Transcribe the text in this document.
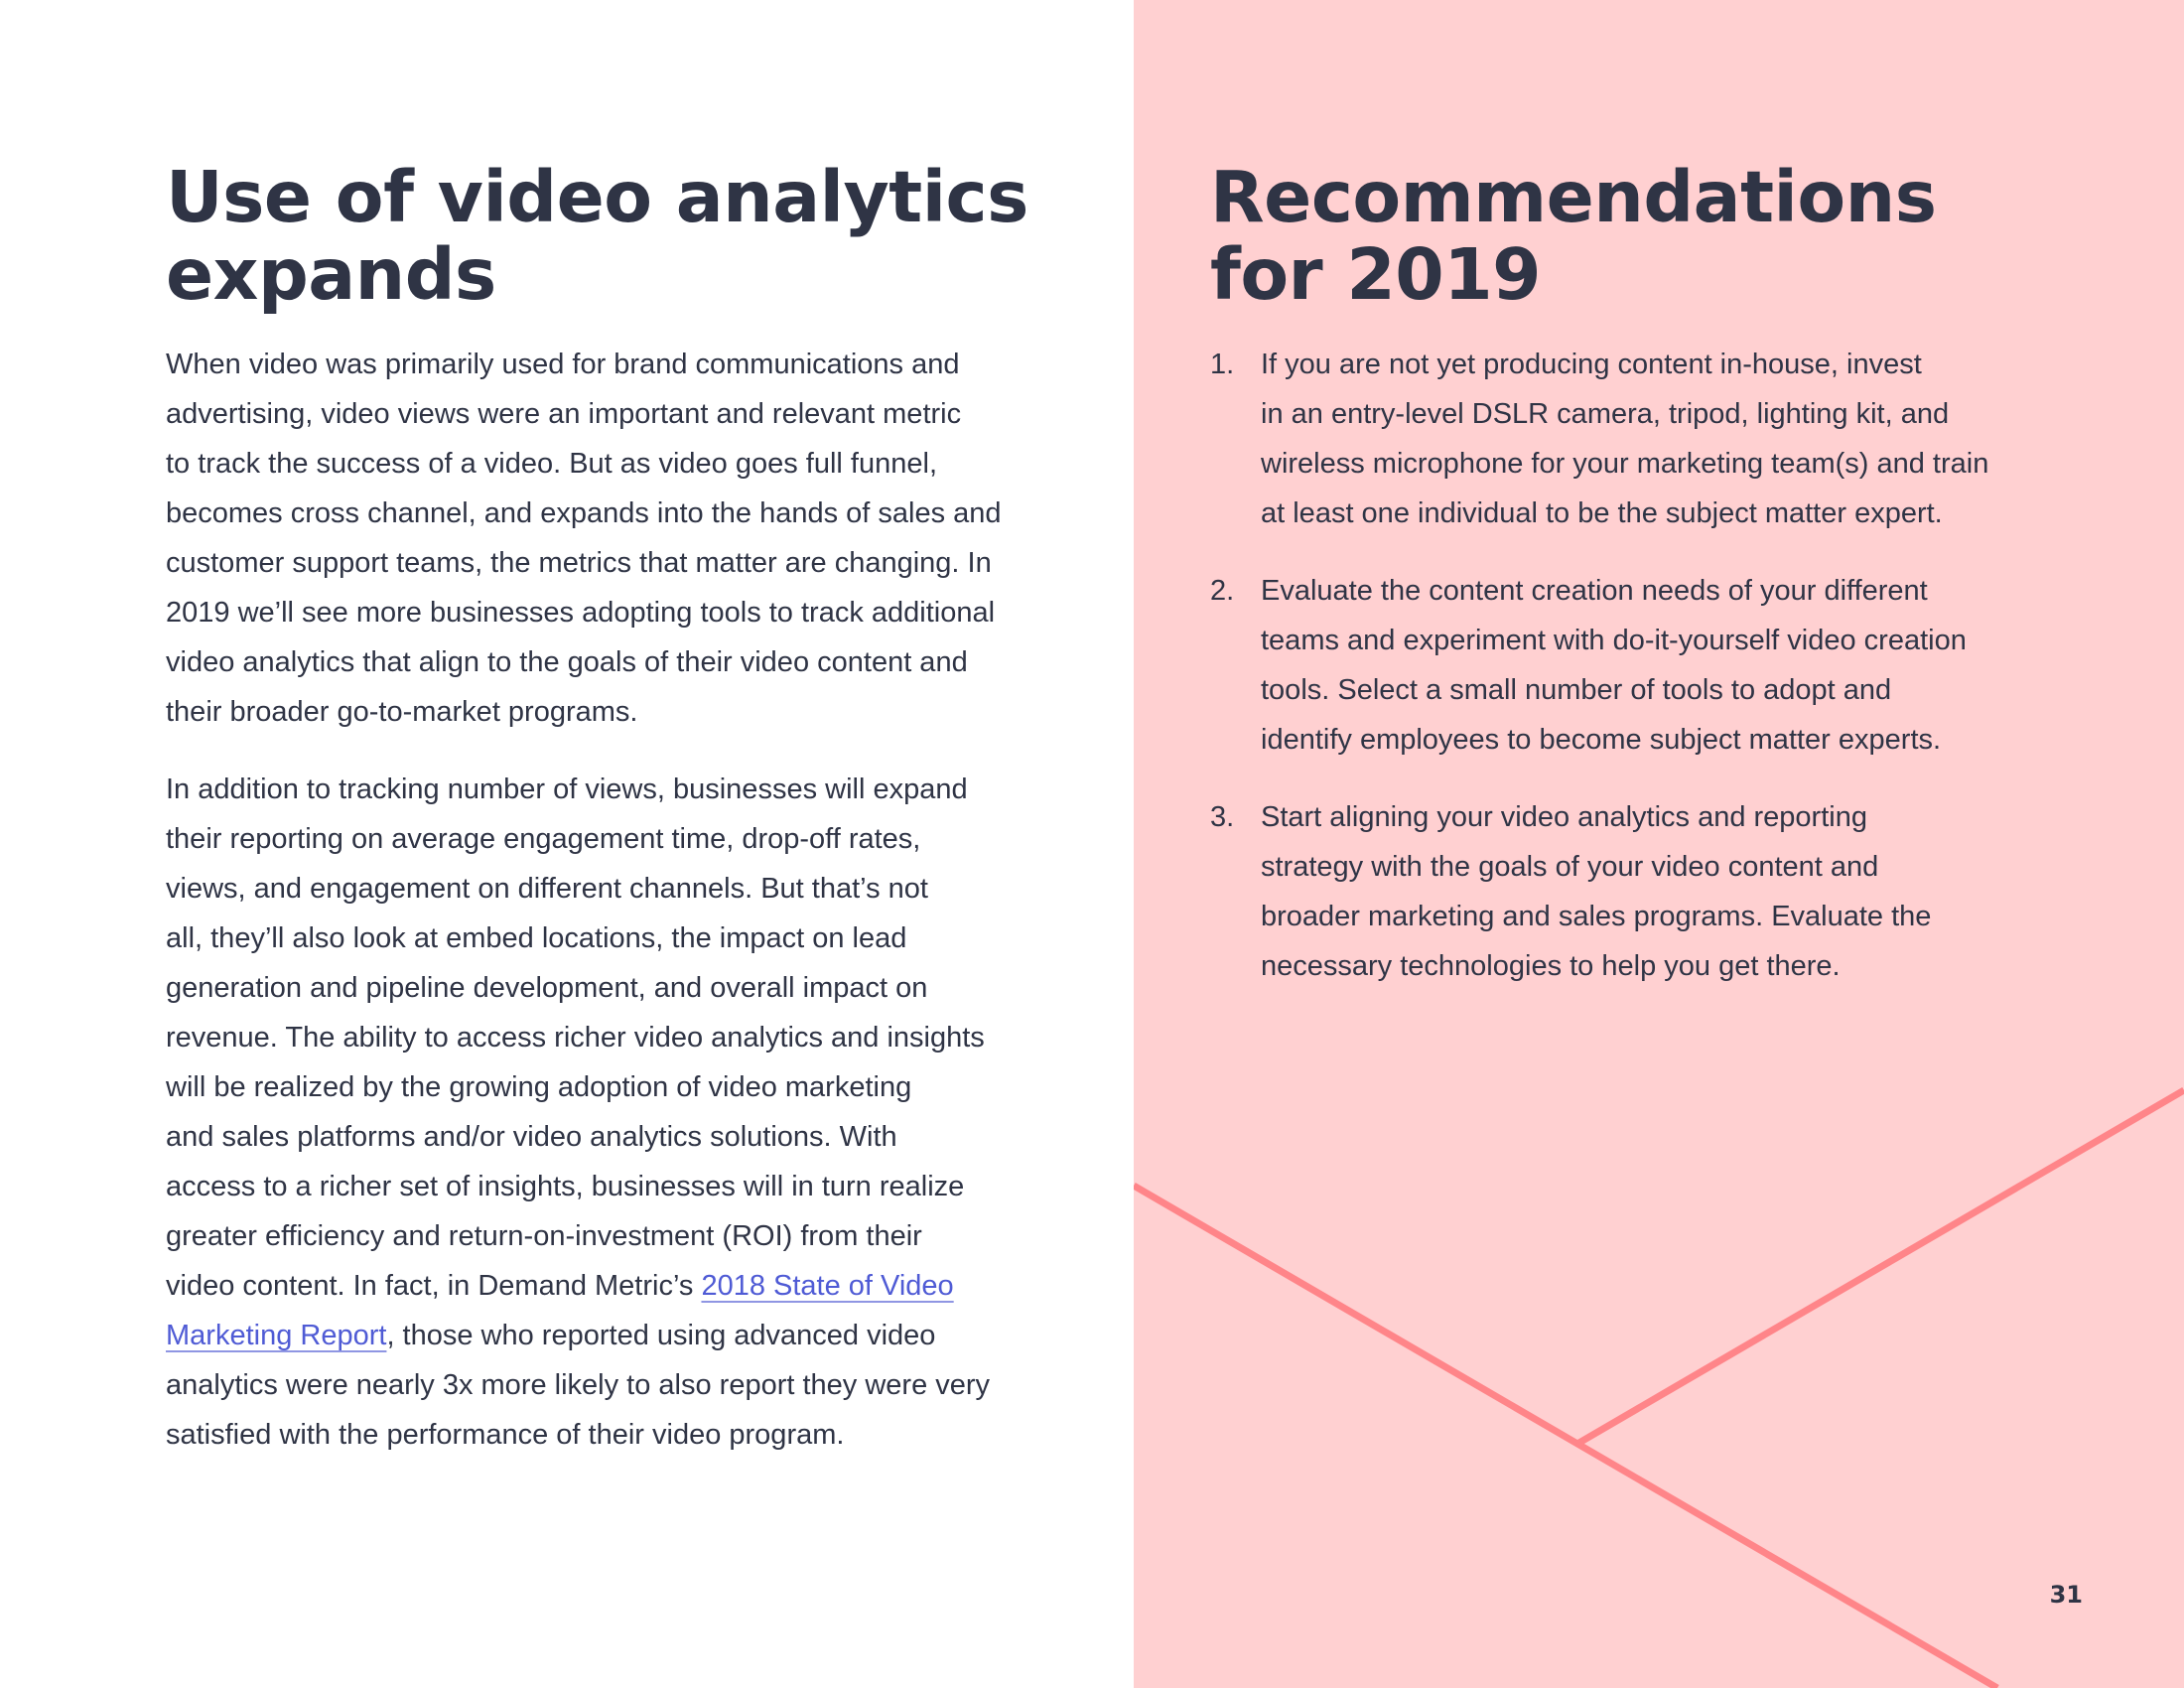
Use of video analytics
expands

When video was primarily used for brand communications and
advertising, video views were an important and relevant metric
to track the success of a video. But as video goes full funnel,
becomes cross channel, and expands into the hands of sales and
customer support teams, the metrics that matter are changing. In
2019 we’ll see more businesses adopting tools to track additional
video analytics that align to the goals of their video content and
their broader go-to-market programs.

In addition to tracking number of views, businesses will expand
their reporting on average engagement time, drop-off rates,
views, and engagement on different channels. But that’s not
all, they’ll also look at embed locations, the impact on lead
generation and pipeline development, and overall impact on
revenue. The ability to access richer video analytics and insights
will be realized by the growing adoption of video marketing
and sales platforms and/or video analytics solutions. With
access to a richer set of insights, businesses will in turn realize
greater efficiency and return-on-investment (ROI) from their
video content. In fact, in Demand Metric’s 2018 State of Video
Marketing Report, those who reported using advanced video
analytics were nearly 3x more likely to also report they were very
satisfied with the performance of their video program.

Recommendations
for 2019
1. If you are not yet producing content in-house, invest
in an entry-level DSLR camera, tripod, lighting kit, and
wireless microphone for your marketing team(s) and train
at least one individual to be the subject matter expert.
2. Evaluate the content creation needs of your different
teams and experiment with do-it-yourself video creation
tools. Select a small number of tools to adopt and
identify employees to become subject matter experts.
3. Start aligning your video analytics and reporting
strategy with the goals of your video content and
broader marketing and sales programs. Evaluate the
necessary technologies to help you get there.
31
